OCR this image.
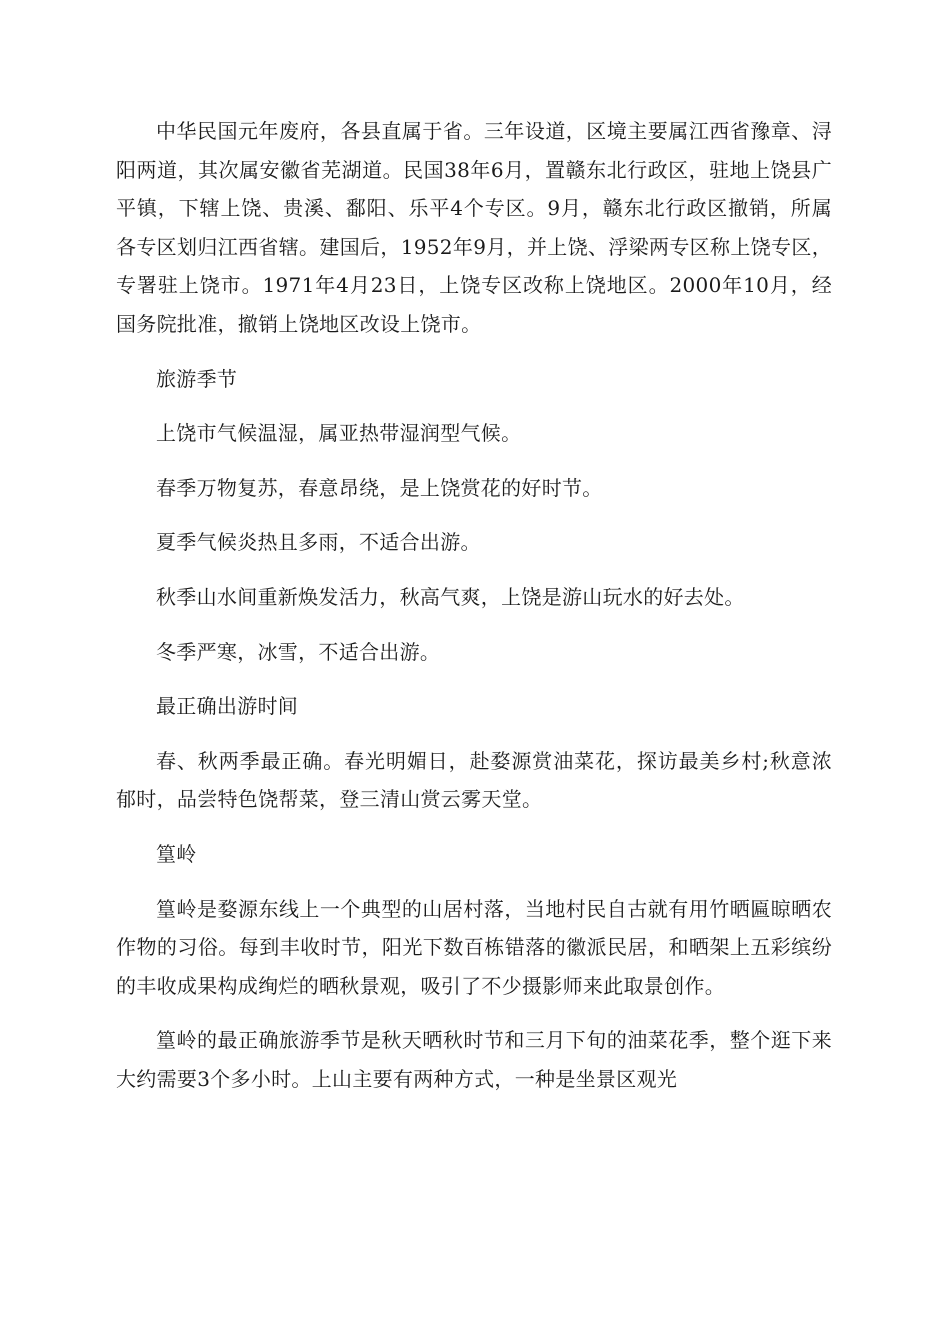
中华民国元年废府，各县直属于省。三年设道，区境主要属江西省豫章、浔阳两道，其次属安徽省芜湖道。民国38年6月，置赣东北行政区，驻地上饶县广平镇，下辖上饶、贵溪、鄱阳、乐平4个专区。9月，赣东北行政区撤销，所属各专区划归江西省辖。建国后，1952年9月，并上饶、浮梁两专区称上饶专区，专署驻上饶市。1971年4月23日，上饶专区改称上饶地区。2000年10月，经国务院批准，撤销上饶地区改设上饶市。

旅游季节

上饶市气候温湿，属亚热带湿润型气候。

春季万物复苏，春意昂绕，是上饶赏花的好时节。

夏季气候炎热且多雨，不适合出游。

秋季山水间重新焕发活力，秋高气爽，上饶是游山玩水的好去处。

冬季严寒，冰雪，不适合出游。

最正确出游时间

春、秋两季最正确。春光明媚日，赴婺源赏油菜花，探访最美乡村;秋意浓郁时，品尝特色饶帮菜，登三清山赏云雾天堂。

篁岭

篁岭是婺源东线上一个典型的山居村落，当地村民自古就有用竹晒匾晾晒农作物的习俗。每到丰收时节，阳光下数百栋错落的徽派民居，和晒架上五彩缤纷的丰收成果构成绚烂的晒秋景观，吸引了不少摄影师来此取景创作。

篁岭的最正确旅游季节是秋天晒秋时节和三月下旬的油菜花季，整个逛下来大约需要3个多小时。上山主要有两种方式，一种是坐景区观光
